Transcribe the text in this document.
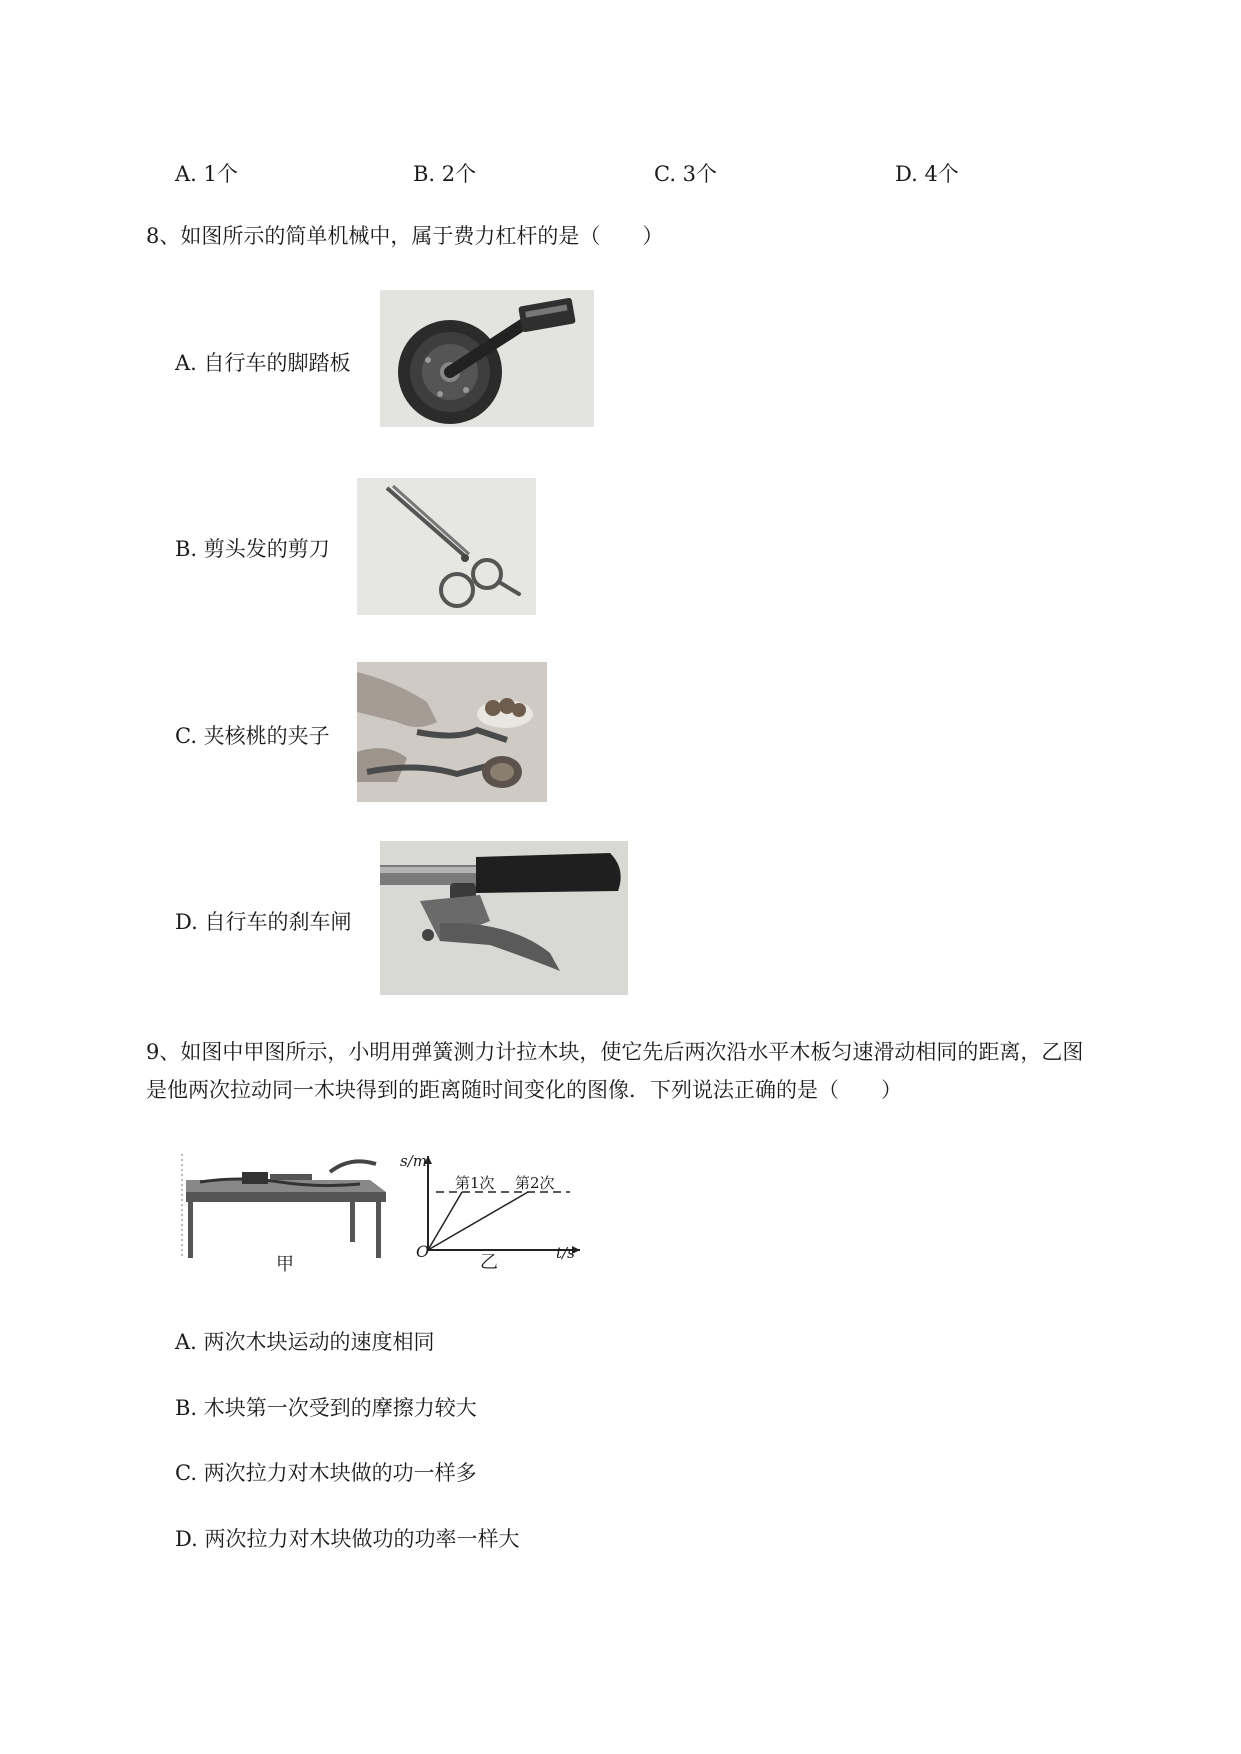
A. 1个	B. 2个	C. 3个	D. 4个
8、如图所示的简单机械中，属于费力杠杆的是（　　）
A. 自行车的脚踏板
B. 剪头发的剪刀
C. 夹核桃的夹子
D. 自行车的刹车闸
9、如图中甲图所示，小明用弹簧测力计拉木块，使它先后两次沿水平木板匀速滑动相同的距离，乙图
是他两次拉动同一木块得到的距离随时间变化的图像．下列说法正确的是（　　）
甲
s/m
第1次 第2次
O
乙	t/s
A. 两次木块运动的速度相同
B. 木块第一次受到的摩擦力较大
C. 两次拉力对木块做的功一样多
D. 两次拉力对木块做功的功率一样大
